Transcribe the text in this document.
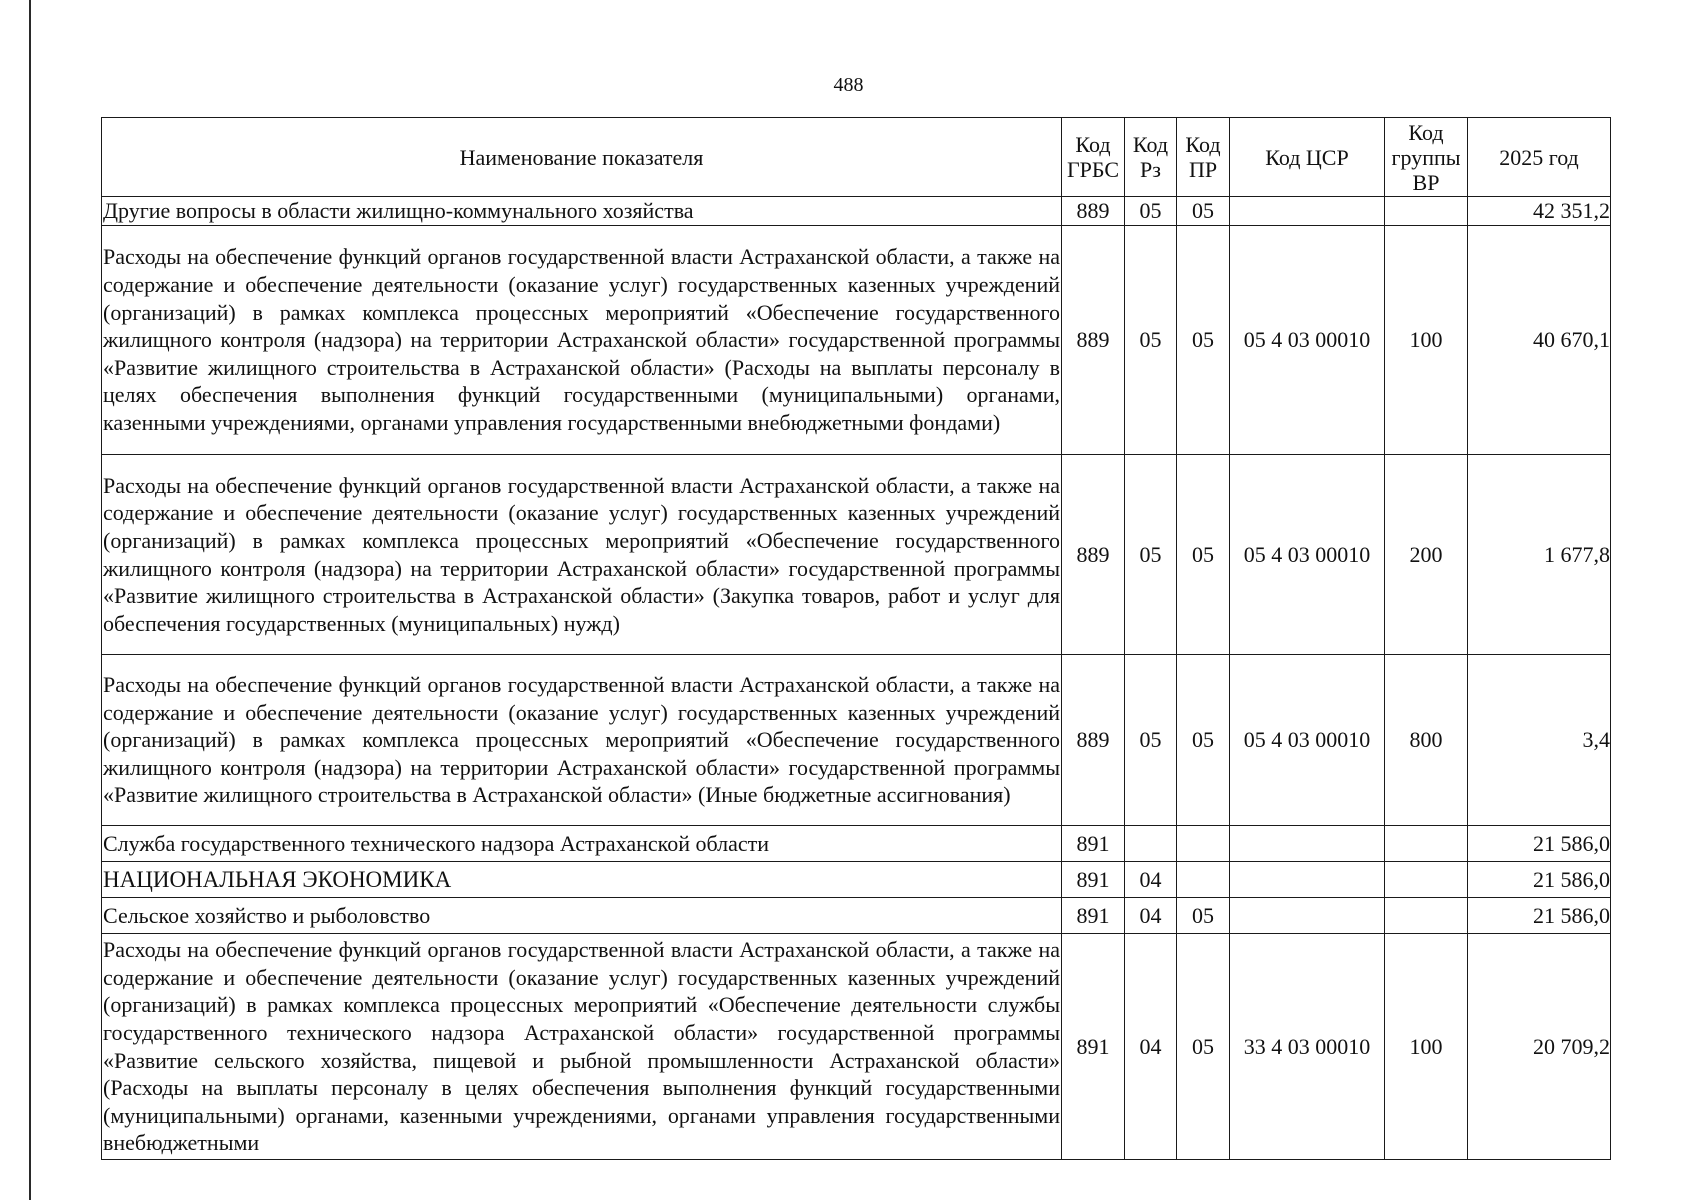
488
Наименование показателя	Код ГРБС	Код Рз	Код ПР	Код ЦСР	Код группы ВР	2025 год
Другие вопросы в области жилищно-коммунального хозяйства	889	05	05			42 351,2
Расходы на обеспечение функций органов государственной власти Астраханской области, а также на содержание и обеспечение деятельности (оказание услуг) государственных казенных учреждений (организаций) в рамках комплекса процессных мероприятий «Обеспечение государственного жилищного контроля (надзора) на территории Астраханской области» государственной программы «Развитие жилищного строительства в Астраханской области» (Расходы на выплаты персоналу в целях обеспечения выполнения функций государственными (муниципальными) органами, казенными учреждениями, органами управления государственными внебюджетными фондами)	889	05	05	05 4 03 00010	100	40 670,1
Расходы на обеспечение функций органов государственной власти Астраханской области, а также на содержание и обеспечение деятельности (оказание услуг) государственных казенных учреждений (организаций) в рамках комплекса процессных мероприятий «Обеспечение государственного жилищного контроля (надзора) на территории Астраханской области» государственной программы «Развитие жилищного строительства в Астраханской области» (Закупка товаров, работ и услуг для обеспечения государственных (муниципальных) нужд)	889	05	05	05 4 03 00010	200	1 677,8
Расходы на обеспечение функций органов государственной власти Астраханской области, а также на содержание и обеспечение деятельности (оказание услуг) государственных казенных учреждений (организаций) в рамках комплекса процессных мероприятий «Обеспечение государственного жилищного контроля (надзора) на территории Астраханской области» государственной программы «Развитие жилищного строительства в Астраханской области» (Иные бюджетные ассигнования)	889	05	05	05 4 03 00010	800	3,4
Служба государственного технического надзора Астраханской области	891					21 586,0
НАЦИОНАЛЬНАЯ ЭКОНОМИКА	891	04				21 586,0
Сельское хозяйство и рыболовство	891	04	05			21 586,0
Расходы на обеспечение функций органов государственной власти Астраханской области, а также на содержание и обеспечение деятельности (оказание услуг) государственных казенных учреждений (организаций) в рамках комплекса процессных мероприятий «Обеспечение деятельности службы государственного технического надзора Астраханской области» государственной программы «Развитие сельского хозяйства, пищевой и рыбной промышленности Астраханской области» (Расходы на выплаты персоналу в целях обеспечения выполнения функций государственными (муниципальными) органами, казенными учреждениями, органами управления государственными внебюджетными	891	04	05	33 4 03 00010	100	20 709,2
